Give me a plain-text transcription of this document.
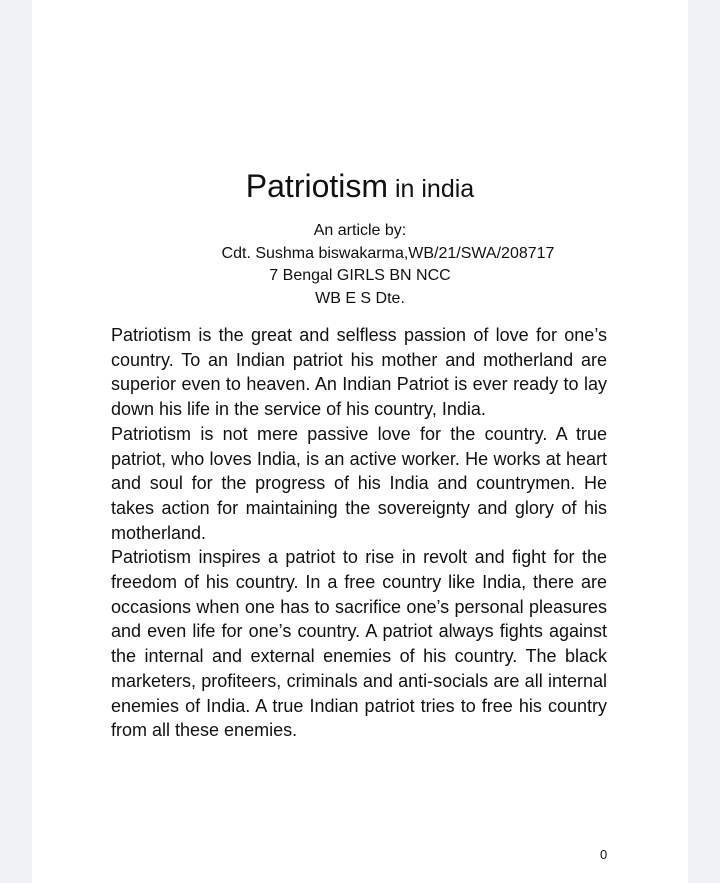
Patriotism in india
An article by:
Cdt. Sushma biswakarma,WB/21/SWA/208717
7 Bengal GIRLS BN NCC
WB E S Dte.

Patriotism is the great and selfless passion of love for one’s country. To an Indian patriot his mother and motherland are superior even to heaven. An Indian Patriot is ever ready to lay down his life in the service of his country, India.

Patriotism is not mere passive love for the country. A true patriot, who loves India, is an active worker. He works at heart and soul for the progress of his India and countrymen. He takes action for maintaining the sovereignty and glory of his motherland.

Patriotism inspires a patriot to rise in revolt and fight for the freedom of his country. In a free country like India, there are occasions when one has to sacrifice one’s personal pleasures and even life for one’s country. A patriot always fights against the internal and external enemies of his country. The black marketers, profiteers, criminals and anti-socials are all internal enemies of India. A true Indian patriot tries to free his country from all these enemies.

0
